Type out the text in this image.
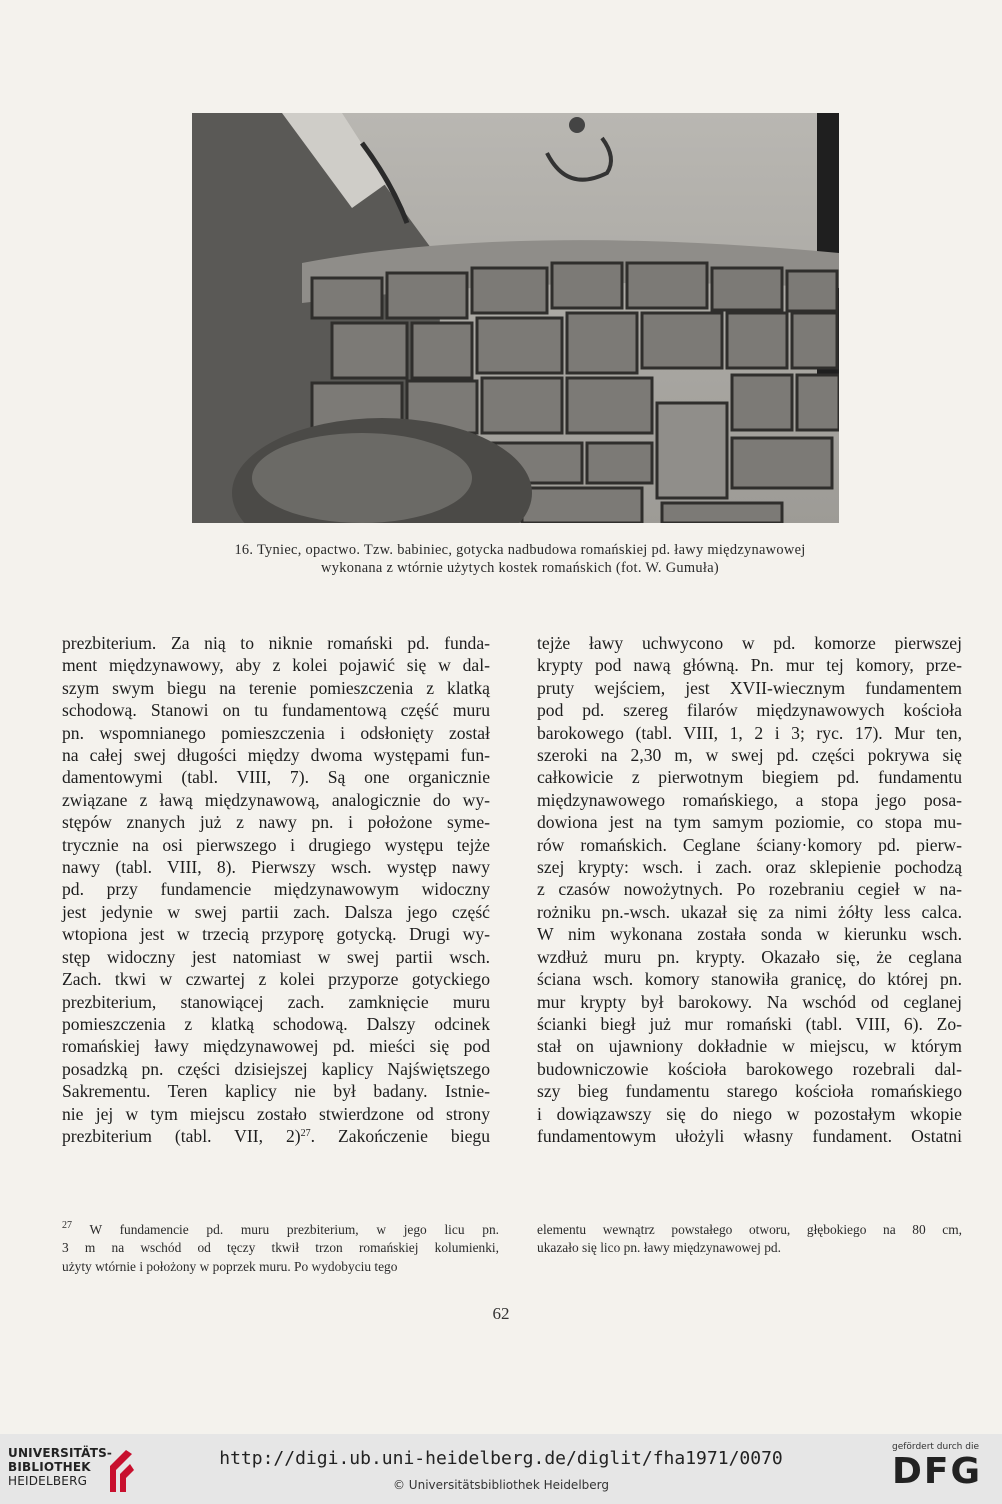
16. Tyniec, opactwo. Tzw. babiniec, gotycka nadbudowa romańskiej pd. ławy międzynawowej

wykonana z wtórnie użytych kostek romańskich (fot. W. Gumuła)

prezbiterium. Za nią to niknie romański pd. funda-

ment międzynawowy, aby z kolei pojawić się w dal-

szym swym biegu na terenie pomieszczenia z klatką

schodową. Stanowi on tu fundamentową część muru

pn. wspomnianego pomieszczenia i odsłonięty został

na całej swej długości między dwoma występami fun-

damentowymi (tabl. VIII, 7). Są one organicznie

związane z ławą międzynawową, analogicznie do wy-

stępów znanych już z nawy pn. i położone syme-

trycznie na osi pierwszego i drugiego występu tejże

nawy (tabl. VIII, 8). Pierwszy wsch. występ nawy

pd. przy fundamencie międzynawowym widoczny

jest jedynie w swej partii zach. Dalsza jego część

wtopiona jest w trzecią przyporę gotycką. Drugi wy-

stęp widoczny jest natomiast w swej partii wsch.

Zach. tkwi w czwartej z kolei przyporze gotyckiego

prezbiterium, stanowiącej zach. zamknięcie muru

pomieszczenia z klatką schodową. Dalszy odcinek

romańskiej ławy międzynawowej pd. mieści się pod

posadzką pn. części dzisiejszej kaplicy Najświętszego

Sakrementu. Teren kaplicy nie był badany. Istnie-

nie jej w tym miejscu zostało stwierdzone od strony

prezbiterium (tabl. VII, 2)$^{27}$. Zakończenie biegu

tejże ławy uchwycono w pd. komorze pierwszej

krypty pod nawą główną. Pn. mur tej komory, prze-

pruty wejściem, jest XVII-wiecznym fundamentem

pod pd. szereg filarów międzynawowych kościoła

barokowego (tabl. VIII, 1, 2 i 3; ryc. 17). Mur ten,

szeroki na 2,30 m, w swej pd. części pokrywa się

całkowicie z pierwotnym biegiem pd. fundamentu

międzynawowego romańskiego, a stopa jego posa-

dowiona jest na tym samym poziomie, co stopa mu-

rów romańskich. Ceglane ściany·komory pd. pierw-

szej krypty: wsch. i zach. oraz sklepienie pochodzą

z czasów nowożytnych. Po rozebraniu cegieł w na-

rożniku pn.-wsch. ukazał się za nimi żółty less calca.

W nim wykonana została sonda w kierunku wsch.

wzdłuż muru pn. krypty. Okazało się, że ceglana

ściana wsch. komory stanowiła granicę, do której pn.

mur krypty był barokowy. Na wschód od ceglanej

ścianki biegł już mur romański (tabl. VIII, 6). Zo-

stał on ujawniony dokładnie w miejscu, w którym

budowniczowie kościoła barokowego rozebrali dal-

szy bieg fundamentu starego kościoła romańskiego

i dowiązawszy się do niego w pozostałym wkopie

fundamentowym ułożyli własny fundament. Ostatni

$^{27}$ W fundamencie pd. muru prezbiterium, w jego licu pn.

3 m na wschód od tęczy tkwił trzon romańskiej kolumienki,

użyty wtórnie i położony w poprzek muru. Po wydobyciu tego

elementu wewnątrz powstałego otworu, głębokiego na 80 cm,

ukazało się lico pn. ławy międzynawowej pd.

62
UNIVERSITÄTS-
BIBLIOTHEK
HEIDELBERG
http://digi.ub.uni-heidelberg.de/diglit/fha1971/0070
© Universitätsbibliothek Heidelberg
gefördert durch die
DFG
